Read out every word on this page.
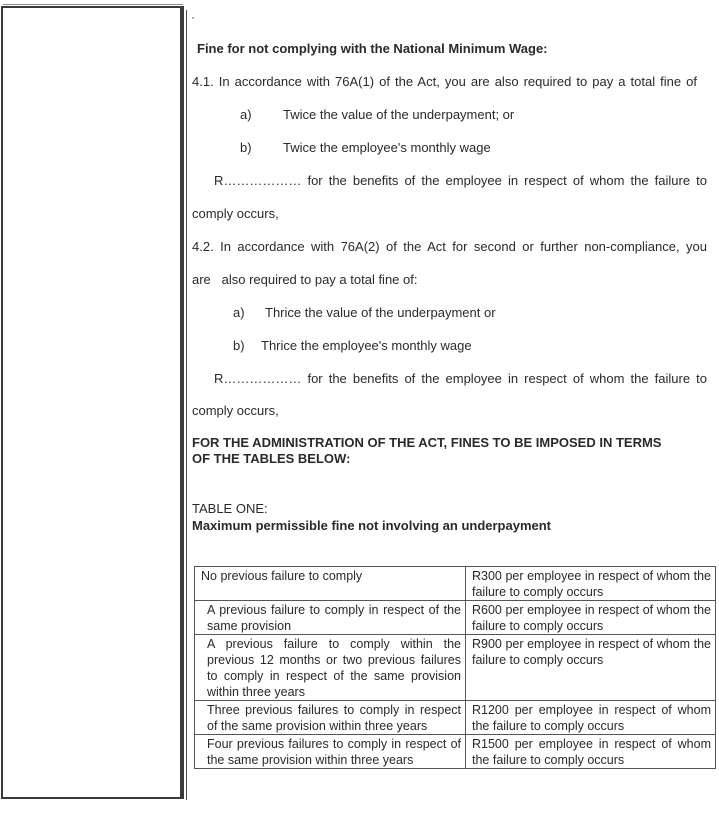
·
Fine for not complying with the National Minimum Wage:
4.1. In accordance with 76A(1) of the Act, you are also required to pay a total fine of
a) Twice the value of the underpayment; or
b) Twice the employee's monthly wage
R……………… for the benefits of the employee in respect of whom the failure to
comply occurs,
4.2. In accordance with 76A(2) of the Act for second or further non-compliance, you
are   also required to pay a total fine of:
a) Thrice the value of the underpayment or
b) Thrice the employee's monthly wage
R……………… for the benefits of the employee in respect of whom the failure to
comply occurs,
FOR THE ADMINISTRATION OF THE ACT, FINES TO BE IMPOSED IN TERMS
OF THE TABLES BELOW:
TABLE ONE:
Maximum permissible fine not involving an underpayment
No previous failure to comply	R300 per employee in respect of whom the failure to comply occurs
A previous failure to comply in respect of the same provision	R600 per employee in respect of whom the failure to comply occurs
A previous failure to comply within the previous 12 months or two previous failures to comply in respect of the same provision within three years	R900 per employee in respect of whom the failure to comply occurs
Three previous failures to comply in respect of the same provision within three years	R1200 per employee in respect of whom the failure to comply occurs
Four previous failures to comply in respect of the same provision within three years	R1500 per employee in respect of whom the failure to comply occurs
